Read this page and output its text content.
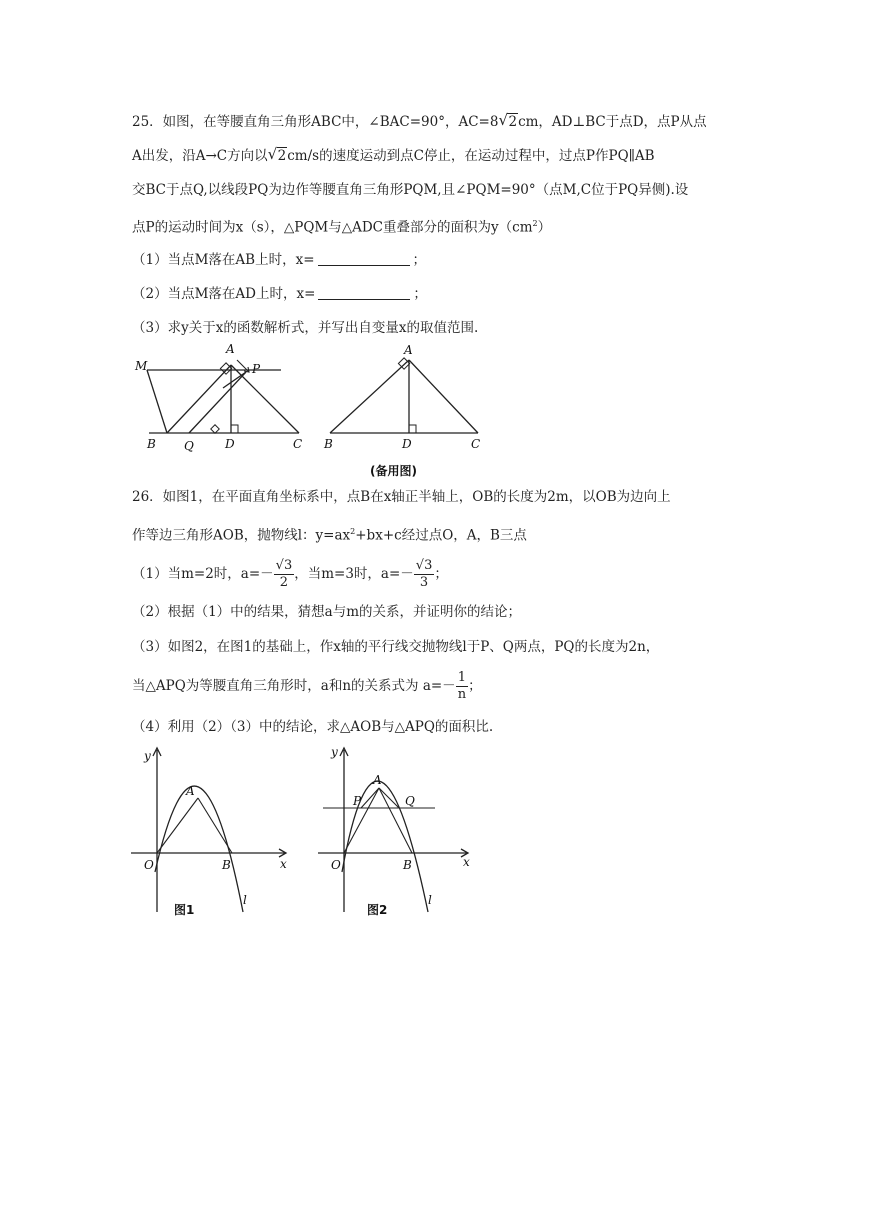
25．如图，在等腰直角三角形ABC中，∠BAC=90°，AC=8 √ 2cm，AD⊥BC于点D，点P从点
A出发，沿A→C方向以 √ 2cm/s的速度运动到点C停止，在运动过程中，过点P作PQ∥AB
交BC于点Q,以线段PQ为边作等腰直角三角形PQM,且∠PQM=90°（点M,C位于PQ异侧).设
点P的运动时间为x（s），△PQM与△ADC重叠部分的面积为$y(cm^2)$
（1）当点M落在AB上时，x=	；
（2）当点M落在AD上时，x=	；
（3）求y关于x的函数解析式，并写出自变量x的取值范围.
M
A
P
B Q	D	C
A
B	D	C
(备用图)
26．如图1，在平面直角坐标系中，点B在x轴正半轴上，OB的长度为2m，以OB为边向上
作等边三角形AOB，抛物线l：$y=ax^2+bx+c$经过点O，A，B三点
（1）当m=2时，$a=- \frac{√3}{2}$ ，当m=3时，$a=- \frac{√3}{3}$ ；
（2）根据（1）中的结果，猜想a与m的关系，并证明你的结论；
（3）如图2，在图1的基础上，作x轴的平行线交抛物线l于P、Q两点，PQ的长度为2n，
当△APQ为等腰直角三角形时，a和n的关系式为 $a=- \frac{1}{n}$ ；
（4）利用（2）（3）中的结论，求△AOB与△APQ的面积比.
y
A
O	B	x
l
图1
y
A
P	Q
O	B	x
l
图2
